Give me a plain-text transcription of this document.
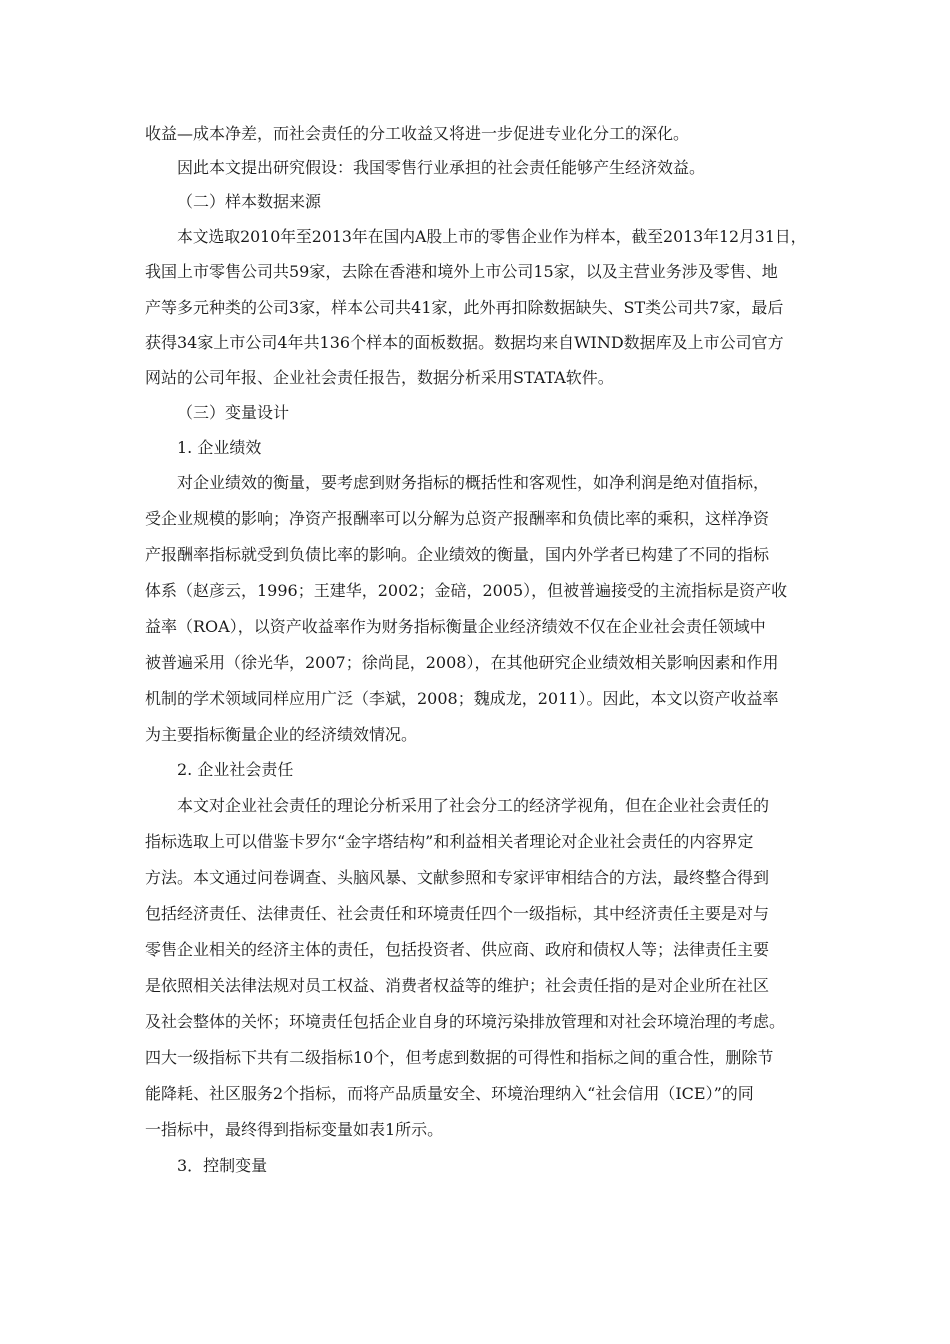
收益—成本净差，而社会责任的分工收益又将进一步促进专业化分工的深化。
因此本文提出研究假设：我国零售行业承担的社会责任能够产生经济效益。
（二）样本数据来源
本文选取2010年至2013年在国内A股上市的零售企业作为样本，截至2013年12月31日，
我国上市零售公司共59家，去除在香港和境外上市公司15家，以及主营业务涉及零售、地
产等多元种类的公司3家，样本公司共41家，此外再扣除数据缺失、ST类公司共7家，最后
获得34家上市公司4年共136个样本的面板数据。数据均来自WIND数据库及上市公司官方
网站的公司年报、企业社会责任报告，数据分析采用STATA软件。
（三）变量设计
1. 企业绩效
对企业绩效的衡量，要考虑到财务指标的概括性和客观性，如净利润是绝对值指标，
受企业规模的影响；净资产报酬率可以分解为总资产报酬率和负债比率的乘积，这样净资
产报酬率指标就受到负债比率的影响。企业绩效的衡量，国内外学者已构建了不同的指标
体系（赵彦云，1996；王建华，2002；金碚，2005），但被普遍接受的主流指标是资产收
益率（ROA），以资产收益率作为财务指标衡量企业经济绩效不仅在企业社会责任领域中
被普遍采用（徐光华，2007；徐尚昆，2008），在其他研究企业绩效相关影响因素和作用
机制的学术领域同样应用广泛（李斌，2008；魏成龙，2011）。因此，本文以资产收益率
为主要指标衡量企业的经济绩效情况。
2. 企业社会责任
本文对企业社会责任的理论分析采用了社会分工的经济学视角，但在企业社会责任的
指标选取上可以借鉴卡罗尔“金字塔结构”和利益相关者理论对企业社会责任的内容界定
方法。本文通过问卷调查、头脑风暴、文献参照和专家评审相结合的方法，最终整合得到
包括经济责任、法律责任、社会责任和环境责任四个一级指标，其中经济责任主要是对与
零售企业相关的经济主体的责任，包括投资者、供应商、政府和债权人等；法律责任主要
是依照相关法律法规对员工权益、消费者权益等的维护；社会责任指的是对企业所在社区
及社会整体的关怀；环境责任包括企业自身的环境污染排放管理和对社会环境治理的考虑。
四大一级指标下共有二级指标10个，但考虑到数据的可得性和指标之间的重合性，删除节
能降耗、社区服务2个指标，而将产品质量安全、环境治理纳入“社会信用（ICE）”的同
一指标中，最终得到指标变量如表1所示。
3．控制变量
